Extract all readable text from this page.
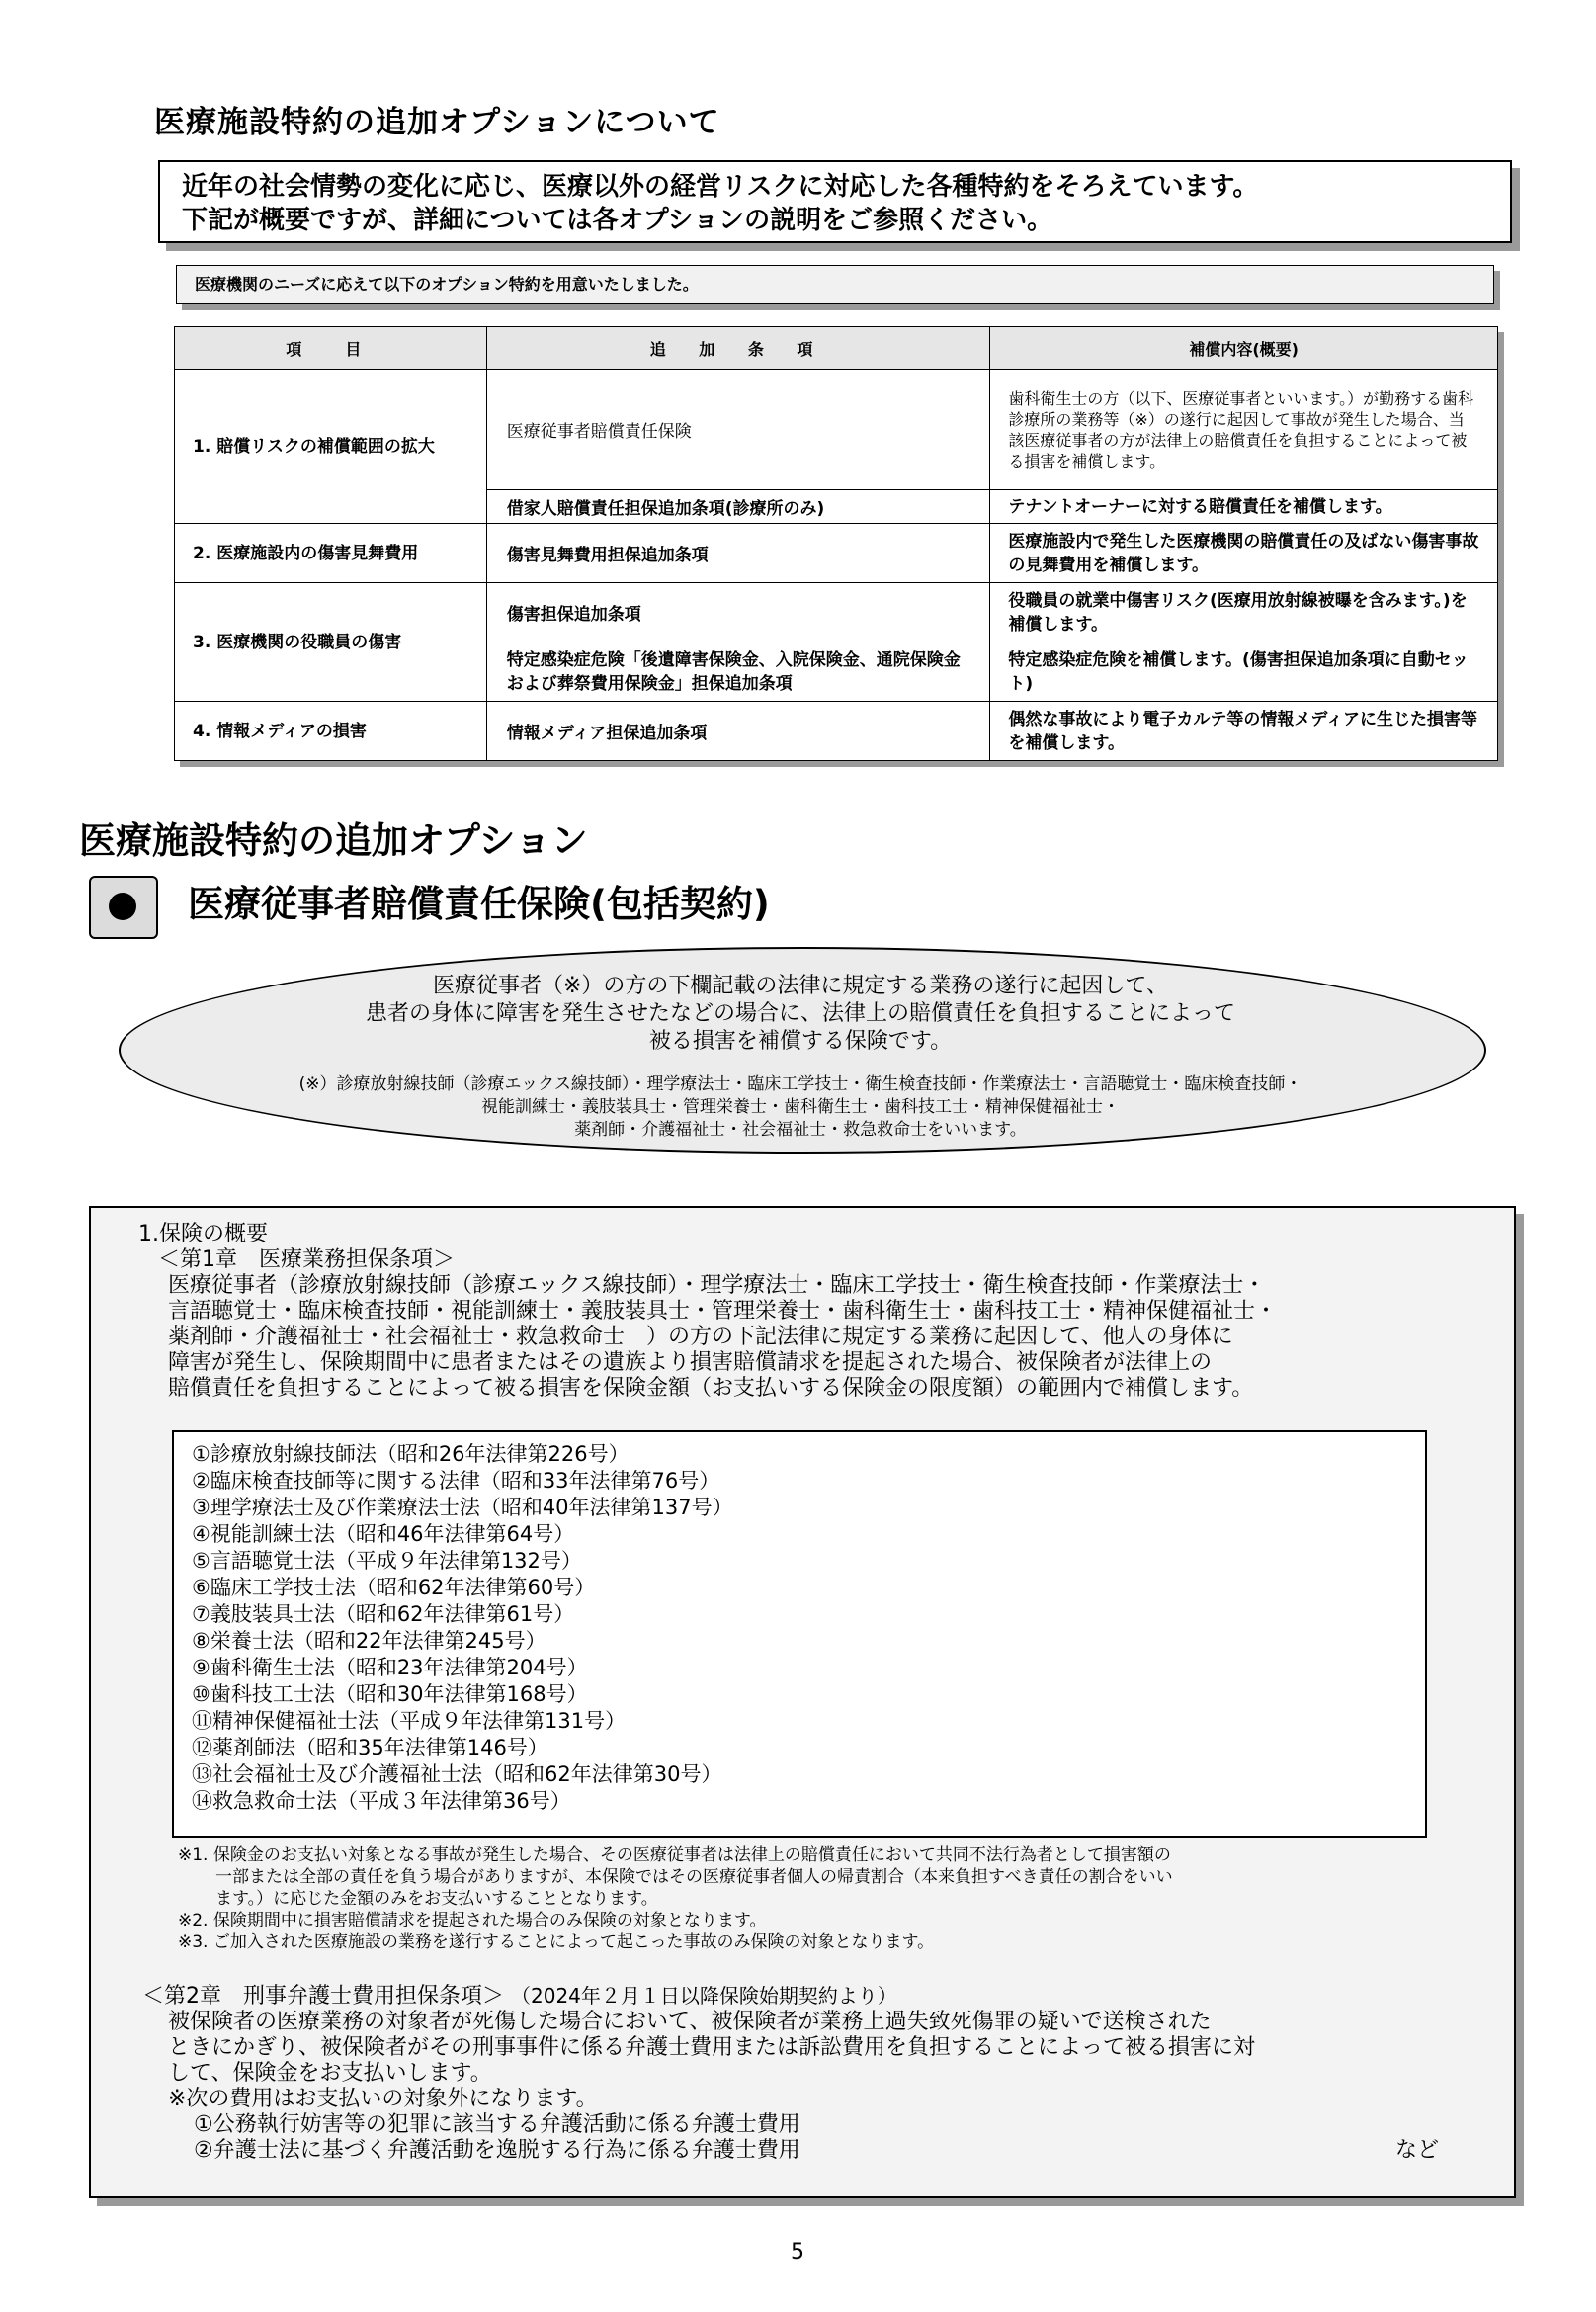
医療施設特約の追加オプションについて
近年の社会情勢の変化に応じ、医療以外の経営リスクに対応した各種特約をそろえています。
下記が概要ですが、詳細については各オプションの説明をご参照ください。
医療機関のニーズに応えて以下のオプション特約を用意いたしました。
項　目	追 加 条 項	補償内容(概要)
1. 賠償リスクの補償範囲の拡大	医療従事者賠償責任保険	歯科衛生士の方（以下、医療従事者といいます。）が勤務する歯科診療所の業務等（※）の遂行に起因して事故が発生した場合、当該医療従事者の方が法律上の賠償責任を負担することによって被る損害を補償します。
	借家人賠償責任担保追加条項(診療所のみ)	テナントオーナーに対する賠償責任を補償します。
2. 医療施設内の傷害見舞費用	傷害見舞費用担保追加条項	医療施設内で発生した医療機関の賠償責任の及ばない傷害事故の見舞費用を補償します。
3. 医療機関の役職員の傷害	傷害担保追加条項	役職員の就業中傷害リスク(医療用放射線被曝を含みます。)を補償します。
	特定感染症危険「後遺障害保険金、入院保険金、通院保険金および葬祭費用保険金」担保追加条項	特定感染症危険を補償します。(傷害担保追加条項に自動セット)
4. 情報メディアの損害	情報メディア担保追加条項	偶然な事故により電子カルテ等の情報メディアに生じた損害等を補償します。
医療施設特約の追加オプション
医療従事者賠償責任保険(包括契約)
医療従事者（※）の方の下欄記載の法律に規定する業務の遂行に起因して、
患者の身体に障害を発生させたなどの場合に、法律上の賠償責任を負担することによって
被る損害を補償する保険です。
(※）診療放射線技師（診療エックス線技師）・理学療法士・臨床工学技士・衛生検査技師・作業療法士・言語聴覚士・臨床検査技師・
視能訓練士・義肢装具士・管理栄養士・歯科衛生士・歯科技工士・精神保健福祉士・
薬剤師・介護福祉士・社会福祉士・救急救命士をいいます。
1.保険の概要
＜第1章　医療業務担保条項＞
医療従事者（診療放射線技師（診療エックス線技師）・理学療法士・臨床工学技士・衛生検査技師・作業療法士・
言語聴覚士・臨床検査技師・視能訓練士・義肢装具士・管理栄養士・歯科衛生士・歯科技工士・精神保健福祉士・
薬剤師・介護福祉士・社会福祉士・救急救命士　）の方の下記法律に規定する業務に起因して、他人の身体に
障害が発生し、保険期間中に患者またはその遺族より損害賠償請求を提起された場合、被保険者が法律上の
賠償責任を負担することによって被る損害を保険金額（お支払いする保険金の限度額）の範囲内で補償します。
①診療放射線技師法（昭和26年法律第226号）
②臨床検査技師等に関する法律（昭和33年法律第76号）
③理学療法士及び作業療法士法（昭和40年法律第137号）
④視能訓練士法（昭和46年法律第64号）
⑤言語聴覚士法（平成９年法律第132号）
⑥臨床工学技士法（昭和62年法律第60号）
⑦義肢装具士法（昭和62年法律第61号）
⑧栄養士法（昭和22年法律第245号）
⑨歯科衛生士法（昭和23年法律第204号）
⑩歯科技工士法（昭和30年法律第168号）
⑪精神保健福祉士法（平成９年法律第131号）
⑫薬剤師法（昭和35年法律第146号）
⑬社会福祉士及び介護福祉士法（昭和62年法律第30号）
⑭救急救命士法（平成３年法律第36号）
※1. 保険金のお支払い対象となる事故が発生した場合、その医療従事者は法律上の賠償責任において共同不法行為者として損害額の
一部または全部の責任を負う場合がありますが、本保険ではその医療従事者個人の帰責割合（本来負担すべき責任の割合をいい
ます。）に応じた金額のみをお支払いすることとなります。
※2. 保険期間中に損害賠償請求を提起された場合のみ保険の対象となります。
※3. ご加入された医療施設の業務を遂行することによって起こった事故のみ保険の対象となります。
＜第2章　刑事弁護士費用担保条項＞ （2024年２月１日以降保険始期契約より）
被保険者の医療業務の対象者が死傷した場合において、被保険者が業務上過失致死傷罪の疑いで送検された
ときにかぎり、被保険者がその刑事事件に係る弁護士費用または訴訟費用を負担することによって被る損害に対
して、保険金をお支払いします。
※次の費用はお支払いの対象外になります。
①公務執行妨害等の犯罪に該当する弁護活動に係る弁護士費用
②弁護士法に基づく弁護活動を逸脱する行為に係る弁護士費用	など
5
